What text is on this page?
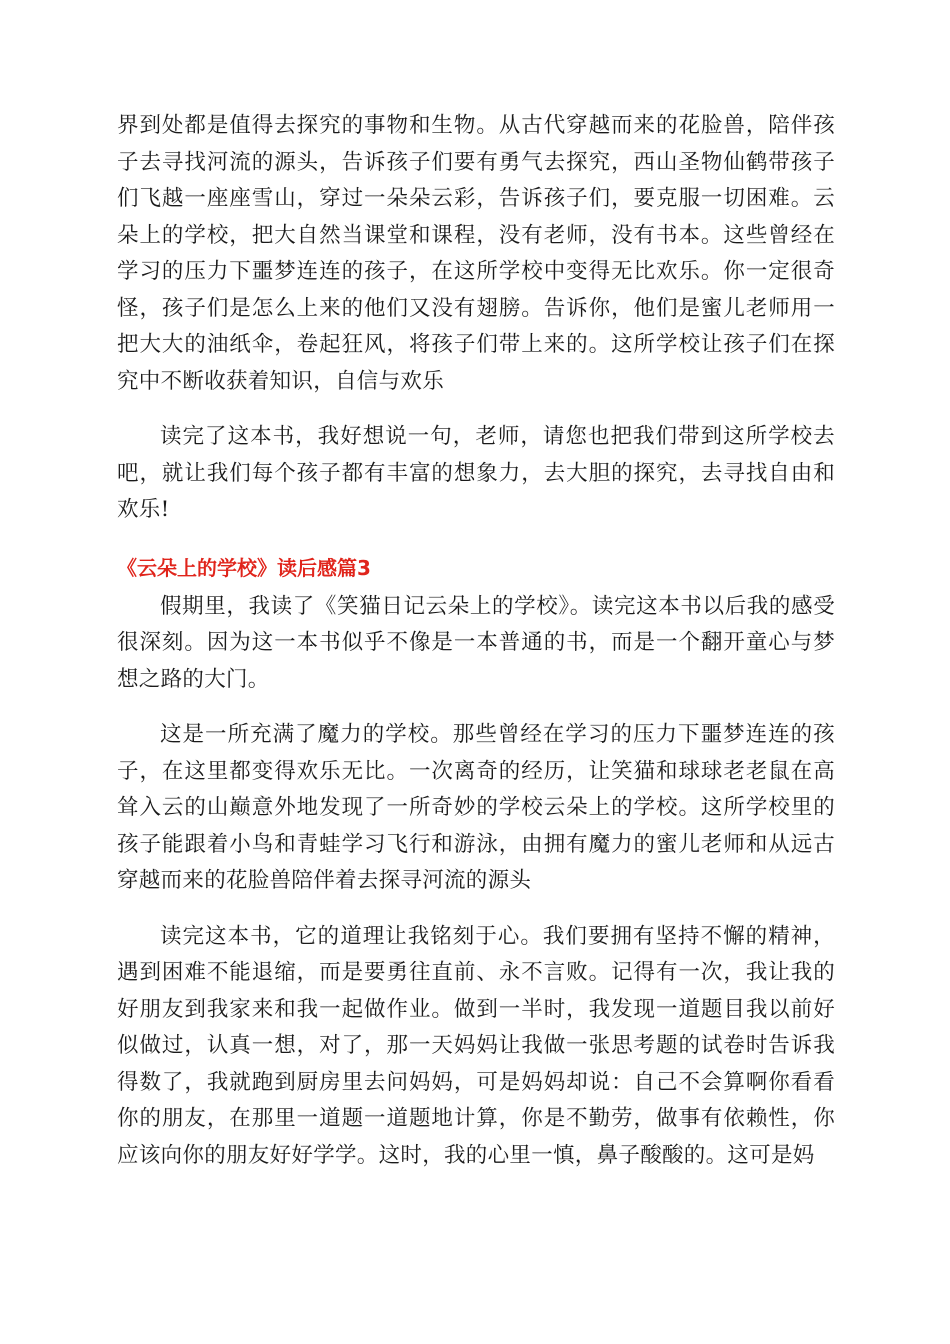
界到处都是值得去探究的事物和生物。从古代穿越而来的花脸兽，陪伴孩子去寻找河流的源头，告诉孩子们要有勇气去探究，西山圣物仙鹤带孩子们飞越一座座雪山，穿过一朵朵云彩，告诉孩子们，要克服一切困难。云朵上的学校，把大自然当课堂和课程，没有老师，没有书本。这些曾经在学习的压力下噩梦连连的孩子，在这所学校中变得无比欢乐。你一定很奇怪，孩子们是怎么上来的他们又没有翅膀。告诉你，他们是蜜儿老师用一把大大的油纸伞，卷起狂风，将孩子们带上来的。这所学校让孩子们在探究中不断收获着知识，自信与欢乐

读完了这本书，我好想说一句，老师，请您也把我们带到这所学校去吧，就让我们每个孩子都有丰富的想象力，去大胆的探究，去寻找自由和欢乐!

《云朵上的学校》读后感篇3

假期里，我读了《笑猫日记云朵上的学校》。读完这本书以后我的感受很深刻。因为这一本书似乎不像是一本普通的书，而是一个翻开童心与梦想之路的大门。

这是一所充满了魔力的学校。那些曾经在学习的压力下噩梦连连的孩子，在这里都变得欢乐无比。一次离奇的经历，让笑猫和球球老老鼠在高耸入云的山巅意外地发现了一所奇妙的学校云朵上的学校。这所学校里的孩子能跟着小鸟和青蛙学习飞行和游泳，由拥有魔力的蜜儿老师和从远古穿越而来的花脸兽陪伴着去探寻河流的源头

读完这本书，它的道理让我铭刻于心。我们要拥有坚持不懈的精神，遇到困难不能退缩，而是要勇往直前、永不言败。记得有一次，我让我的好朋友到我家来和我一起做作业。做到一半时，我发现一道题目我以前好似做过，认真一想，对了，那一天妈妈让我做一张思考题的试卷时告诉我得数了，我就跑到厨房里去问妈妈，可是妈妈却说：自己不会算啊你看看你的朋友，在那里一道题一道题地计算，你是不勤劳，做事有依赖性，你应该向你的朋友好好学学。这时，我的心里一慎，鼻子酸酸的。这可是妈
